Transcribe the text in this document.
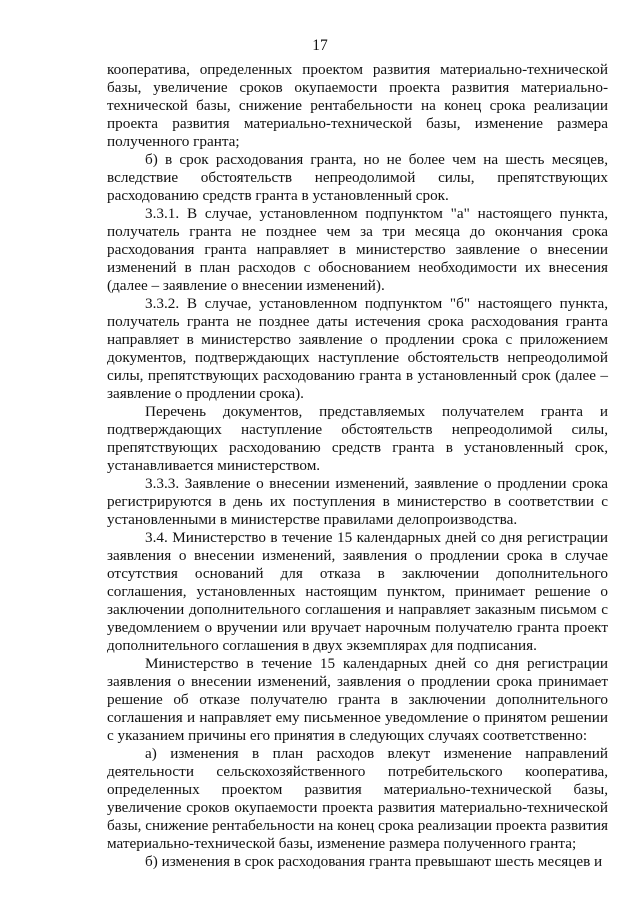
17

кооператива, определенных проектом развития материально-технической базы, увеличение сроков окупаемости проекта развития материально-технической базы, снижение рентабельности на конец срока реализации проекта развития материально-технической базы, изменение размера полученного гранта;

б) в срок расходования гранта, но не более чем на шесть месяцев, вследствие обстоятельств непреодолимой силы, препятствующих расходованию средств гранта в установленный срок.

3.3.1. В случае, установленном подпунктом "а" настоящего пункта, получатель гранта не позднее чем за три месяца до окончания срока расходования гранта направляет в министерство заявление о внесении изменений в план расходов с обоснованием необходимости их внесения (далее – заявление о внесении изменений).

3.3.2. В случае, установленном подпунктом "б" настоящего пункта, получатель гранта не позднее даты истечения срока расходования гранта направляет в министерство заявление о продлении срока с приложением документов, подтверждающих наступление обстоятельств непреодолимой силы, препятствующих расходованию гранта в установленный срок (далее – заявление о продлении срока).

Перечень документов, представляемых получателем гранта и подтверждающих наступление обстоятельств непреодолимой силы, препятствующих расходованию средств гранта в установленный срок, устанавливается министерством.

3.3.3. Заявление о внесении изменений, заявление о продлении срока регистрируются в день их поступления в министерство в соответствии с установленными в министерстве правилами делопроизводства.

3.4. Министерство в течение 15 календарных дней со дня регистрации заявления о внесении изменений, заявления о продлении срока в случае отсутствия оснований для отказа в заключении дополнительного соглашения, установленных настоящим пунктом, принимает решение о заключении дополнительного соглашения и направляет заказным письмом с уведомлением о вручении или вручает нарочным получателю гранта проект дополнительного соглашения в двух экземплярах для подписания.

Министерство в течение 15 календарных дней со дня регистрации заявления о внесении изменений, заявления о продлении срока принимает решение об отказе получателю гранта в заключении дополнительного соглашения и направляет ему письменное уведомление о принятом решении с указанием причины его принятия в следующих случаях соответственно:

а) изменения в план расходов влекут изменение направлений деятельности сельскохозяйственного потребительского кооператива, определенных проектом развития материально-технической базы, увеличение сроков окупаемости проекта развития материально-технической базы, снижение рентабельности на конец срока реализации проекта развития материально-технической базы, изменение размера полученного гранта;

б) изменения в срок расходования гранта превышают шесть месяцев и
